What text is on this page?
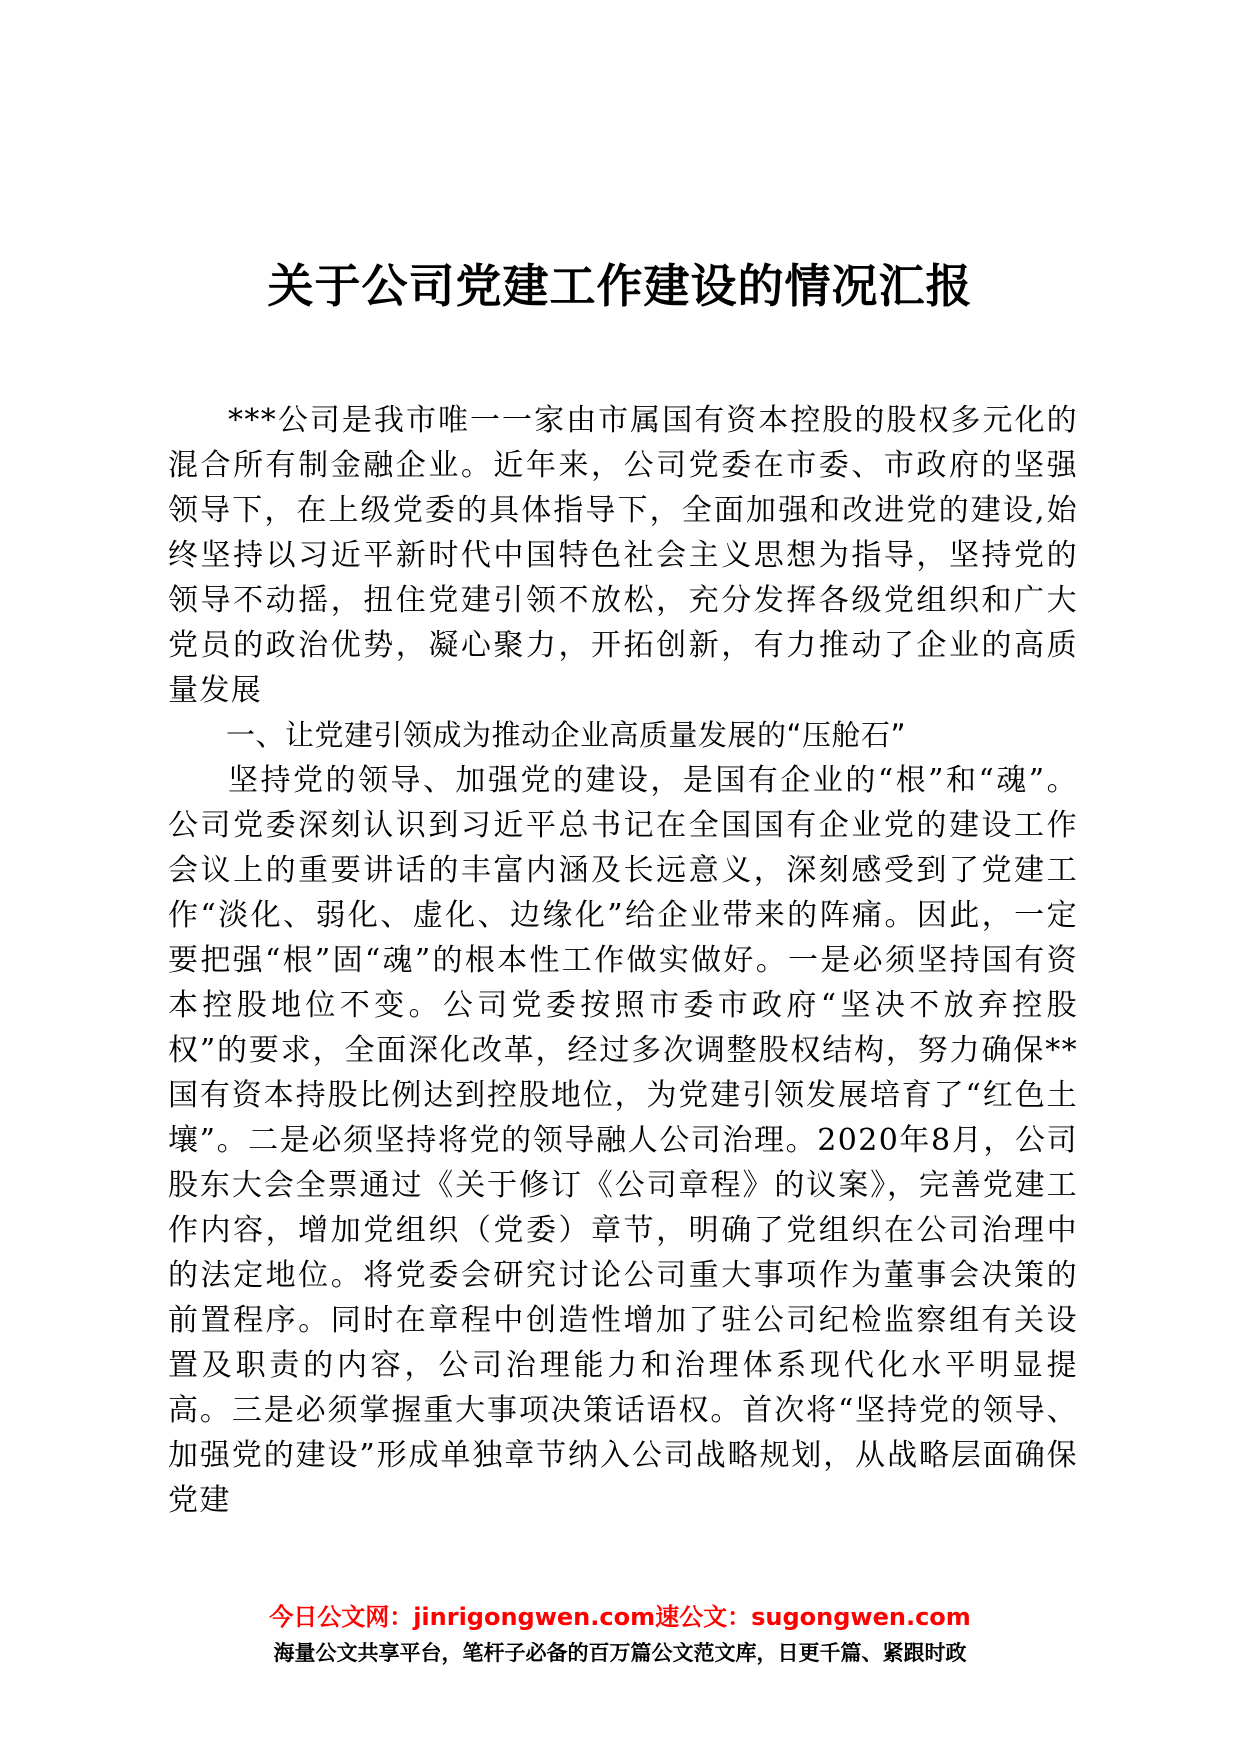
关于公司党建工作建设的情况汇报

***公司是我市唯一一家由市属国有资本控股的股权多元化的混合所有制金融企业。近年来，公司党委在市委、市政府的坚强领导下，在上级党委的具体指导下，全面加强和改进党的建设,始终坚持以习近平新时代中国特色社会主义思想为指导，坚持党的领导不动摇，扭住党建引领不放松，充分发挥各级党组织和广大党员的政治优势，凝心聚力，开拓创新，有力推动了企业的高质量发展

一、让党建引领成为推动企业高质量发展的“压舱石”

坚持党的领导、加强党的建设，是国有企业的“根”和“魂”。公司党委深刻认识到习近平总书记在全国国有企业党的建设工作会议上的重要讲话的丰富内涵及长远意义，深刻感受到了党建工作“淡化、弱化、虚化、边缘化”给企业带来的阵痛。因此，一定要把强“根”固“魂”的根本性工作做实做好。一是必须坚持国有资本控股地位不变。公司党委按照市委市政府“坚决不放弃控股权”的要求，全面深化改革，经过多次调整股权结构，努力确保**国有资本持股比例达到控股地位，为党建引领发展培育了“红色土壤”。二是必须坚持将党的领导融人公司治理。2020年8月，公司股东大会全票通过《关于修订《公司章程》的议案》，完善党建工作内容，增加党组织（党委）章节，明确了党组织在公司治理中的法定地位。将党委会研究讨论公司重大事项作为董事会决策的前置程序。同时在章程中创造性增加了驻公司纪检监察组有关设置及职责的内容，公司治理能力和治理体系现代化水平明显提高。三是必须掌握重大事项决策话语权。首次将“坚持党的领导、加强党的建设”形成单独章节纳入公司战略规划，从战略层面确保党建

今日公文网：jinrigongwen.com速公文：sugongwen.com
海量公文共享平台，笔杆子必备的百万篇公文范文库，日更千篇、紧跟时政
